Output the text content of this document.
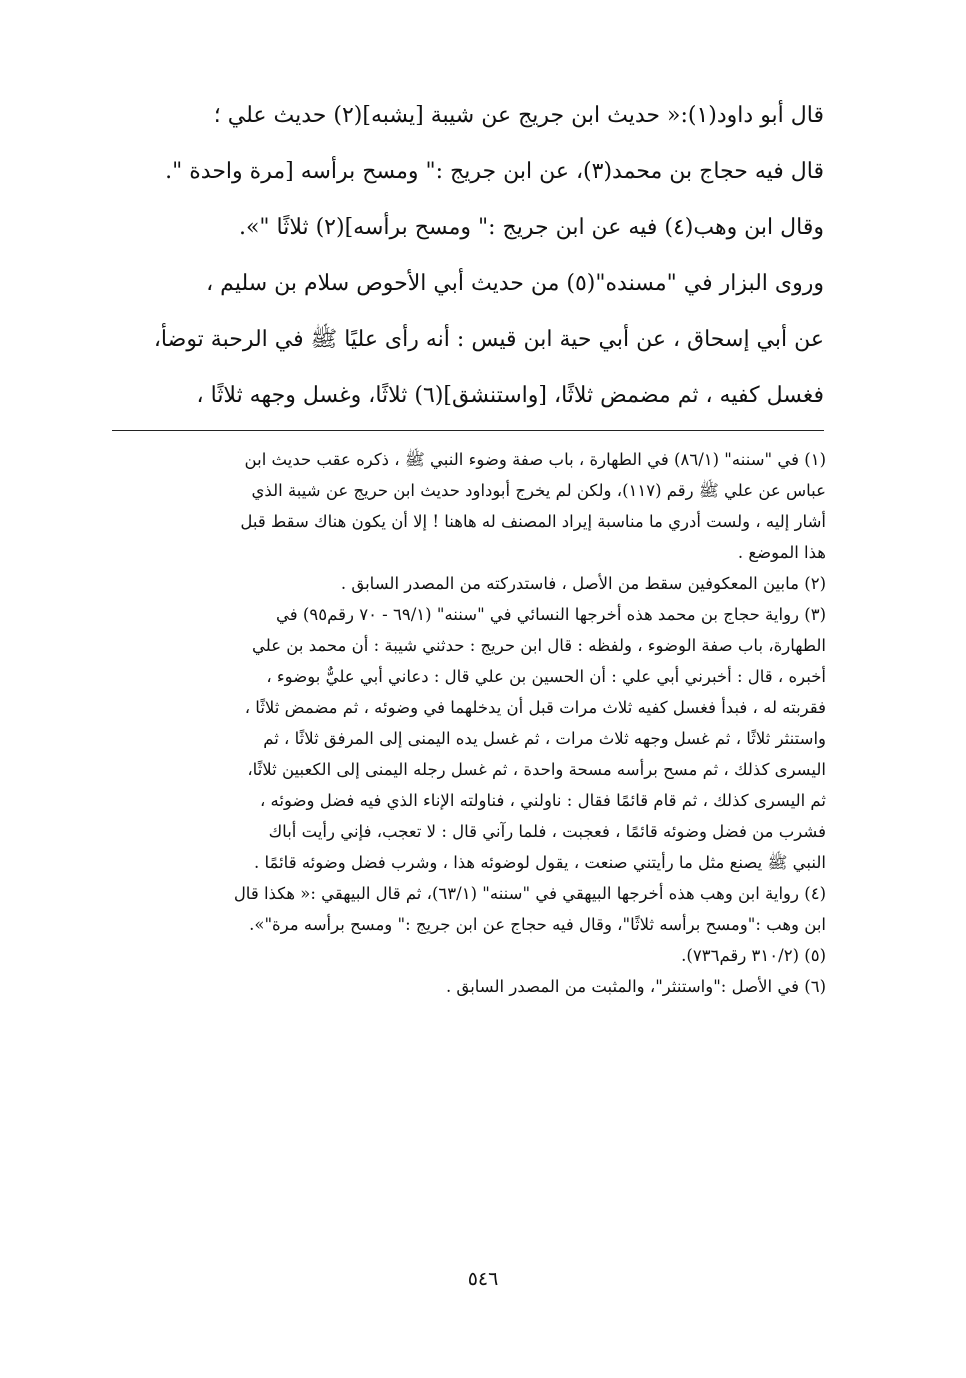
قال أبو داود(١):« حديث ابن جريج عن شيبة [يشبه](٢) حديث علي ؛

قال فيه حجاج بن محمد(٣)، عن ابن جريج :" ومسح برأسه [مرة واحدة ".

وقال ابن وهب(٤) فيه عن ابن جريج :" ومسح برأسه](٢) ثلاثًا "».

وروى البزار في "مسنده"(٥) من حديث أبي الأحوص سلام بن سليم ،

عن أبي إسحاق ، عن أبي حية ابن قيس : أنه رأى عليًا ﷺ في الرحبة توضأ،

فغسل كفيه ، ثم مضمض ثلاثًا، [واستنشق](٦) ثلاثًا، وغسل وجهه ثلاثًا ،

(١) في "سننه" (٨٦/١) في الطهارة ، باب صفة وضوء النبي ﷺ ، ذكره عقب حديث ابن
عباس عن علي ﷺ رقم (١١٧)، ولكن لم يخرج أبوداود حديث ابن حريج عن شيبة الذي
أشار إليه ، ولست أدري ما مناسبة إيراد المصنف له هاهنا ! إلا أن يكون هناك سقط قبل
هذا الموضع .
(٢) مابين المعكوفين سقط من الأصل ، فاستدركته من المصدر السابق .
(٣) رواية حجاج بن محمد هذه أخرجها النسائي في "سننه" (٦٩/١ - ٧٠ رقم٩٥) في
الطهارة، باب صفة الوضوء ، ولفظه : قال ابن حريج : حدثني شيبة : أن محمد بن علي
أخبره ، قال : أخبرني أبي علي : أن الحسين بن علي قال : دعاني أبي عليٌّ بوضوء ،
فقربته له ، فبدأ فغسل كفيه ثلاث مرات قبل أن يدخلهما في وضوئه ، ثم مضمض ثلاثًا ،
واستنثر ثلاثًا ، ثم غسل وجهه ثلاث مرات ، ثم غسل يده اليمنى إلى المرفق ثلاثًا ، ثم
اليسرى كذلك ، ثم مسح برأسه مسحة واحدة ، ثم غسل رجله اليمنى إلى الكعبين ثلاثًا،
ثم اليسرى كذلك ، ثم قام قائمًا فقال : ناولني ، فناولته الإناء الذي فيه فضل وضوئه ،
فشرب من فضل وضوئه قائمًا ، فعجبت ، فلما رآني قال : لا تعجب، فإني رأيت أباك
النبي ﷺ يصنع مثل ما رأيتني صنعت ، يقول لوضوئه هذا ، وشرب فضل وضوئه قائمًا .
(٤) رواية ابن وهب هذه أخرجها البيهقي في "سننه" (٦٣/١)، ثم قال البيهقي :« هكذا قال
ابن وهب :"ومسح برأسه ثلاثًا"، وقال فيه حجاج عن ابن جريج :" ومسح برأسه مرة"».
(٥) (٣١٠/٢ رقم٧٣٦).
(٦) في الأصل :"واستنثر"، والمثبت من المصدر السابق .
٥٤٦
